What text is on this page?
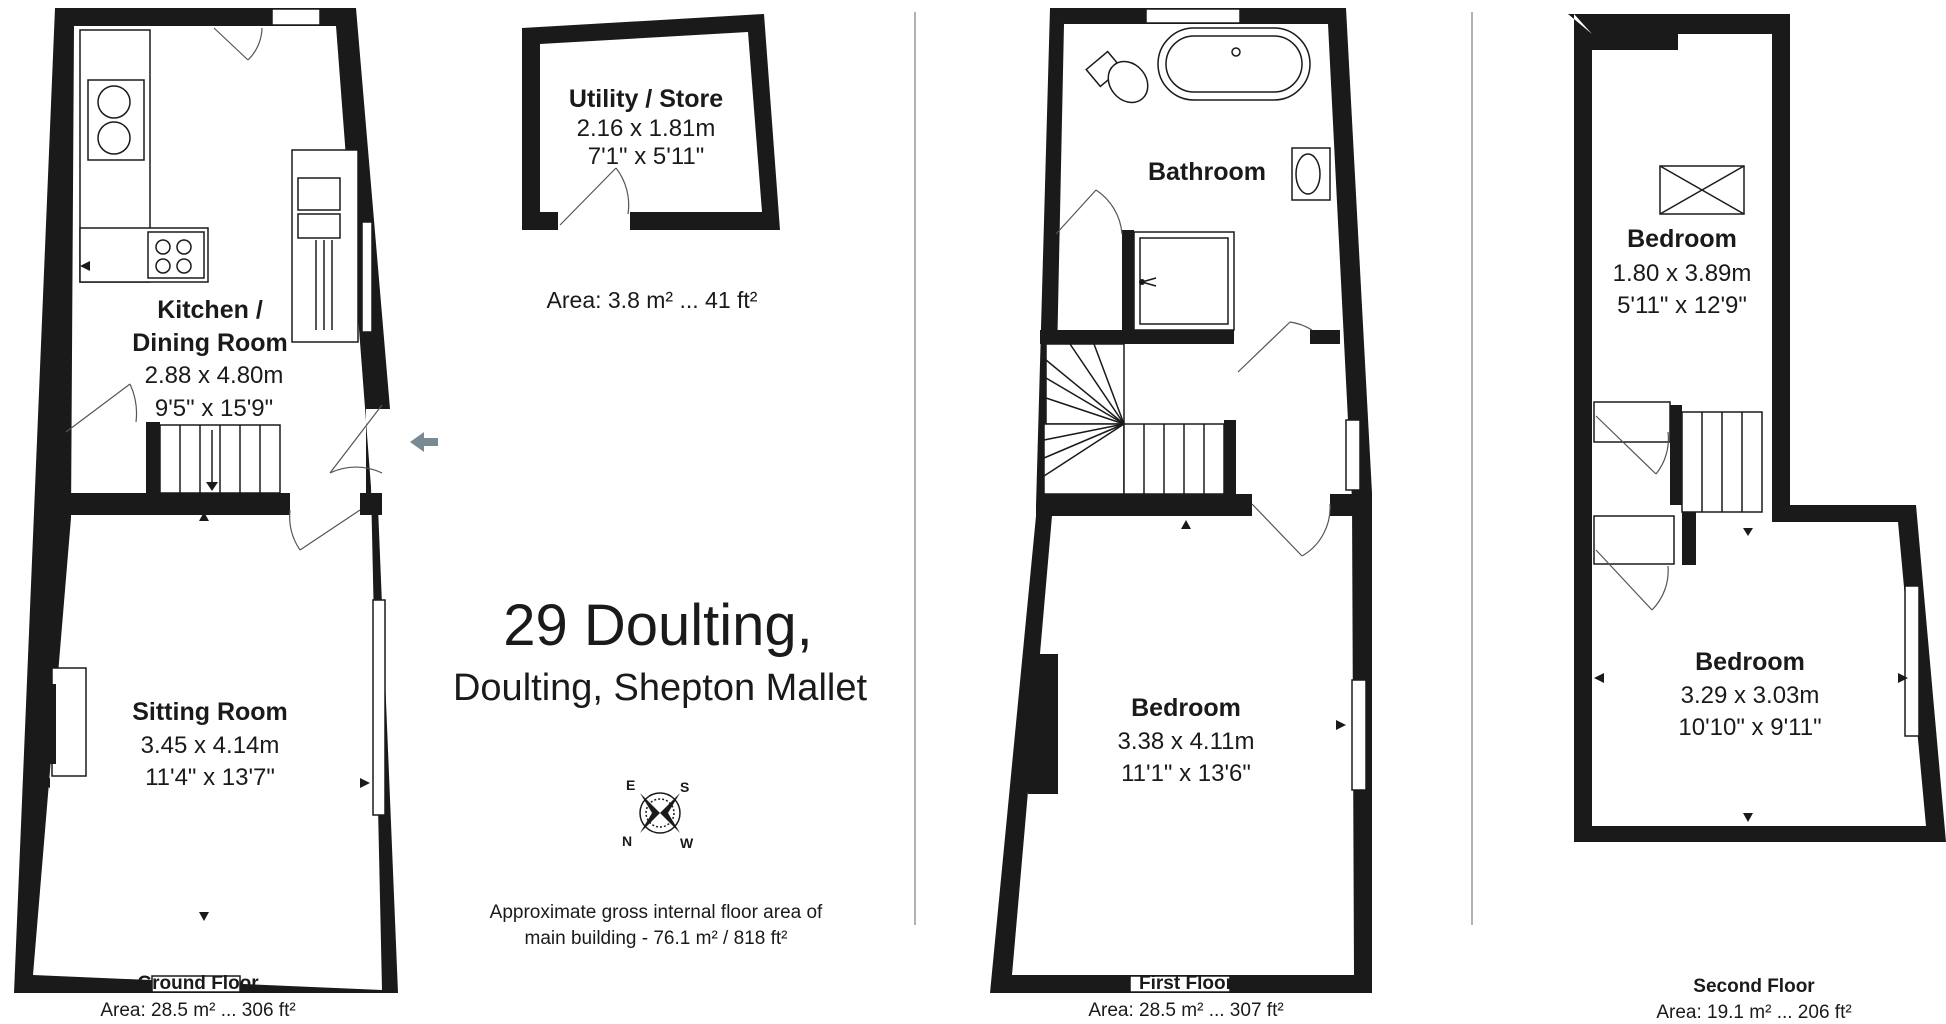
Utility / Store
2.16 x 1.81m
7'1" x 5'11"
Area: 3.8 m² ... 41 ft²
E	S
N	W
29 Doulting,
Doulting, Shepton Mallet
Approximate gross internal floor area of
main building - 76.1 m² / 818 ft²
Kitchen /
Dining Room
2.88 x 4.80m
9'5" x 15'9"
Sitting Room
3.45 x 4.14m
11'4" x 13'7"
Ground Floor
Area: 28.5 m² ... 306 ft²
Bathroom
Bedroom
3.38 x 4.11m
11'1" x 13'6"
First Floor
Area: 28.5 m² ... 307 ft²
Bedroom
1.80 x 3.89m
5'11" x 12'9"
Bedroom
3.29 x 3.03m
10'10" x 9'11"
Second Floor
Area: 19.1 m² ... 206 ft²
